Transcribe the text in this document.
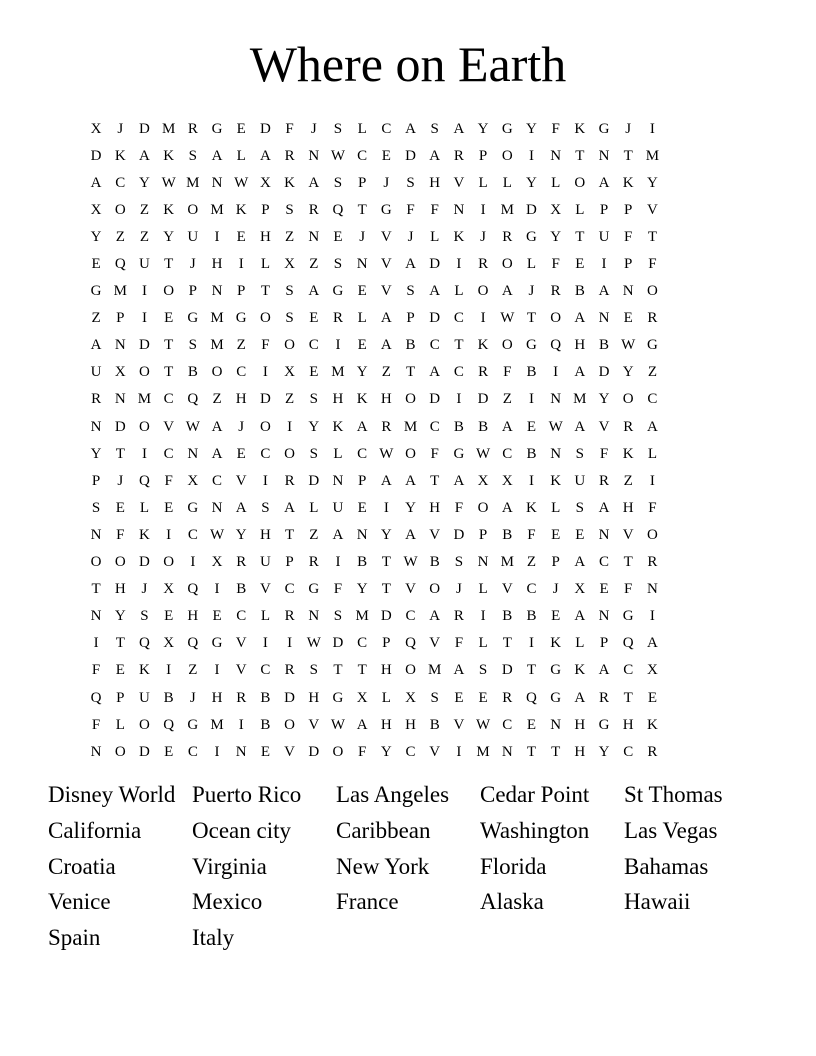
Where on Earth
X	J	D M R G E D F	J	S	L C A S A Y G Y F K G	J	I
D K A K S A L A R N W C E D A R	P O	I	N T N T M
A C Y W M N W X K A S	P	J	S H V L	L Y L O A K Y
X O Z K O M K P	S	R Q T G F	F N	I	M D X L	P	P V
Y Z	Z Y U	I	E H Z N E	J	V	J	L K	J	R G Y T U F	T
E Q U T	J	H	I	L X Z	S N V A D	I	R O L	F	E	I	P	F
G M	I	O P N P	T	S A G E V S A L O A	J	R B A N O
Z	P	I	E G M G O S	E R L A P D C	I W T O A N E R
A N D T	S M Z	F O C	I	E A B C T K O G Q H B W G
U X O T B O C	I	X E M Y Z	T A C R	F	B	I	A D Y Z
R N M C Q Z H D Z	S H K H O D	I	D Z	I	N M Y O C
N D O V W A	J	O	I	Y K A R M C B B A E W A V R A
Y T	I	C N A E C O S	L C W O F G W C B N S	F K L
P	J	Q F X C V	I	R D N P A A T A X X	I	K U R Z	I
S	E	L	E G N A S A L U E	I	Y H F O A K L	S A H F
N F K	I	C W Y H T	Z A N Y A V D P	B	F	E	E N V O
O O D O	I	X R U P	R	I	B T W B	S N M Z	P A C T R
T H	J	X Q	I	B V C G F Y T V O	J	L V C	J	X E	F N
N Y S	E H E C L R N S M D C A R	I	B B E A N G	I
I	T Q X Q G V	I	I W D C	P Q V F	L	T	I	K L	P Q A
F	E K	I	Z	I	V C R	S	T	T H O M A S D T G K A C X
Q P U B	J	H R B D H G X L X S	E	E R Q G A R T	E
F	L O Q G M	I	B O V W A H H B V W C E N H G H K
N O D E C	I	N E V D O F Y C V	I	M N T	T H Y C R
Disney World Puerto Rico	Las Angeles	Cedar Point	St Thomas
California	Ocean city	Caribbean	Washington	Las Vegas
Croatia	Virginia	New York	Florida	Bahamas
Venice	Mexico	France	Alaska	Hawaii
Spain	Italy
